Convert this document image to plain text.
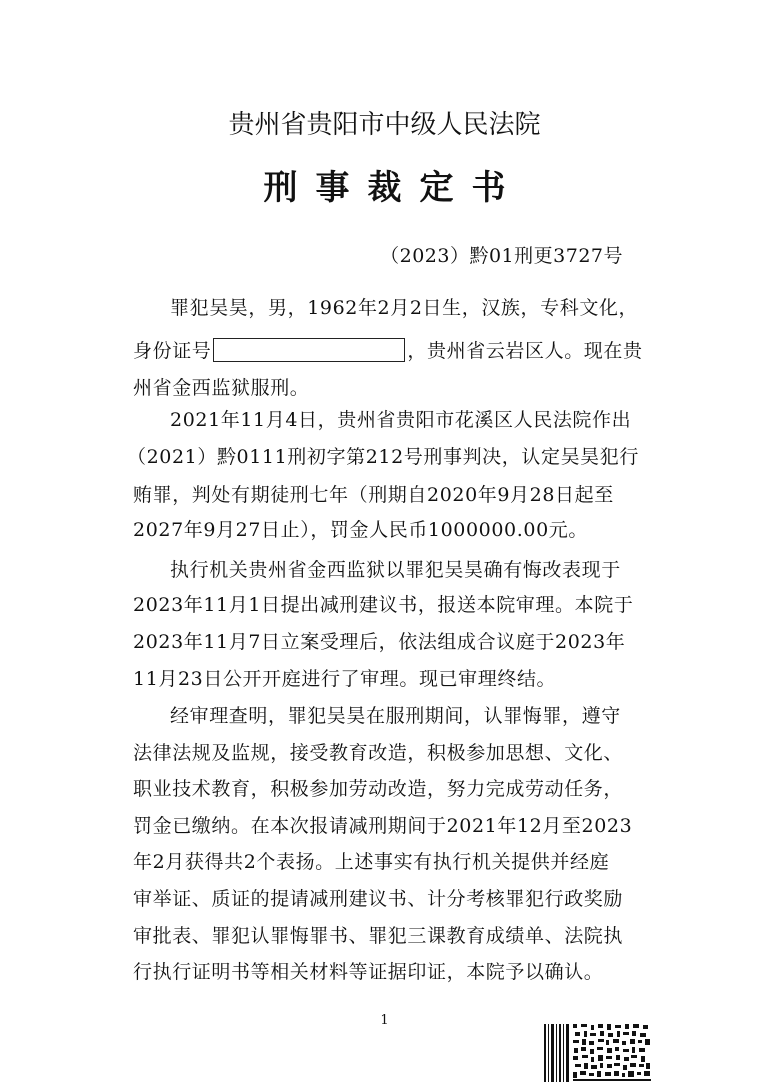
贵州省贵阳市中级人民法院
刑事裁定书
（2023）黔01刑更3727号
罪犯吴昊，男，1962年2月2日生，汉族，专科文化，
身份证号	，贵州省云岩区人。现在贵
州省金西监狱服刑。
2021年11月4日，贵州省贵阳市花溪区人民法院作出
（2021）黔0111刑初字第212号刑事判决，认定吴昊犯行
贿罪，判处有期徒刑七年（刑期自2020年9月28日起至
2027年9月27日止），罚金人民币1000000.00元。
执行机关贵州省金西监狱以罪犯吴昊确有悔改表现于
2023年11月1日提出减刑建议书，报送本院审理。本院于
2023年11月7日立案受理后，依法组成合议庭于2023年
11月23日公开开庭进行了审理。现已审理终结。
经审理查明，罪犯吴昊在服刑期间，认罪悔罪，遵守
法律法规及监规，接受教育改造，积极参加思想、文化、
职业技术教育，积极参加劳动改造，努力完成劳动任务，
罚金已缴纳。在本次报请减刑期间于2021年12月至2023
年2月获得共2个表扬。上述事实有执行机关提供并经庭
审举证、质证的提请减刑建议书、计分考核罪犯行政奖励
审批表、罪犯认罪悔罪书、罪犯三课教育成绩单、法院执
行执行证明书等相关材料等证据印证，本院予以确认。
1
